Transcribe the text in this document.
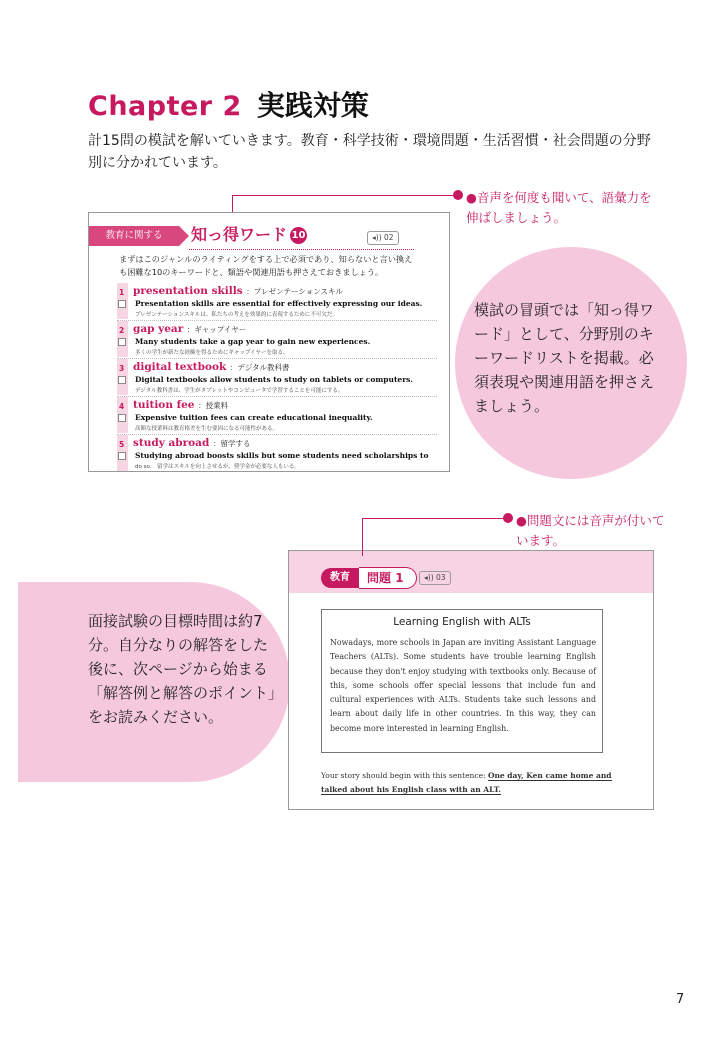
Chapter 2 実践対策
計15問の模試を解いていきます。教育・科学技術・環境問題・生活習慣・社会問題の分野別に分かれています。
●音声を何度も聞いて、語彙力を伸ばしましょう。
教育に関する	知っ得ワード 10	◂)) 02
まずはこのジャンルのライティングをする上で必須であり、知らないと言い換え
も困難な10のキーワードと、類語や関連用語も押さえておきましょう。
1 presentation skills ：プレゼンテーションスキル
Presentation skills are essential for effectively expressing our ideas.
プレゼンテーションスキルは、私たちの考えを効果的に表現するために不可欠だ。
2 gap year ：ギャップイヤー
Many students take a gap year to gain new experiences.
多くの学生が新たな経験を得るためにギャップイヤーを取る。
3 digital textbook ：デジタル教科書
Digital textbooks allow students to study on tablets or computers.
デジタル教科書は、学生がタブレットやコンピュータで学習することを可能にする。
4 tuition fee ：授業料
Expensive tuition fees can create educational inequality.
高額な授業料は教育格差を生む要因になる可能性がある。
5 study abroad ：留学する
Studying abroad boosts skills but some students need scholarships to
do so.　留学はスキルを向上させるが、奨学金が必要な人もいる。
模試の冒頭では「知っ得ワード」として、分野別のキーワードリストを掲載。必須表現や関連用語を押さえましょう。
面接試験の目標時間は約7分。自分なりの解答をした後に、次ページから始まる「解答例と解答のポイント」をお読みください。
教育	問題 1	◂)) 03
Learning English with ALTs
Nowadays, more schools in Japan are inviting Assistant Language Teachers (ALTs). Some students have trouble learning English because they don't enjoy studying with textbooks only. Because of this, some schools offer special lessons that include fun and cultural experiences with ALTs. Students take such lessons and learn about daily life in other countries. In this way, they can become more interested in learning English.
Your story should begin with this sentence: One day, Ken came home and talked about his English class with an ALT.
●問題文には音声が付いています。
7
